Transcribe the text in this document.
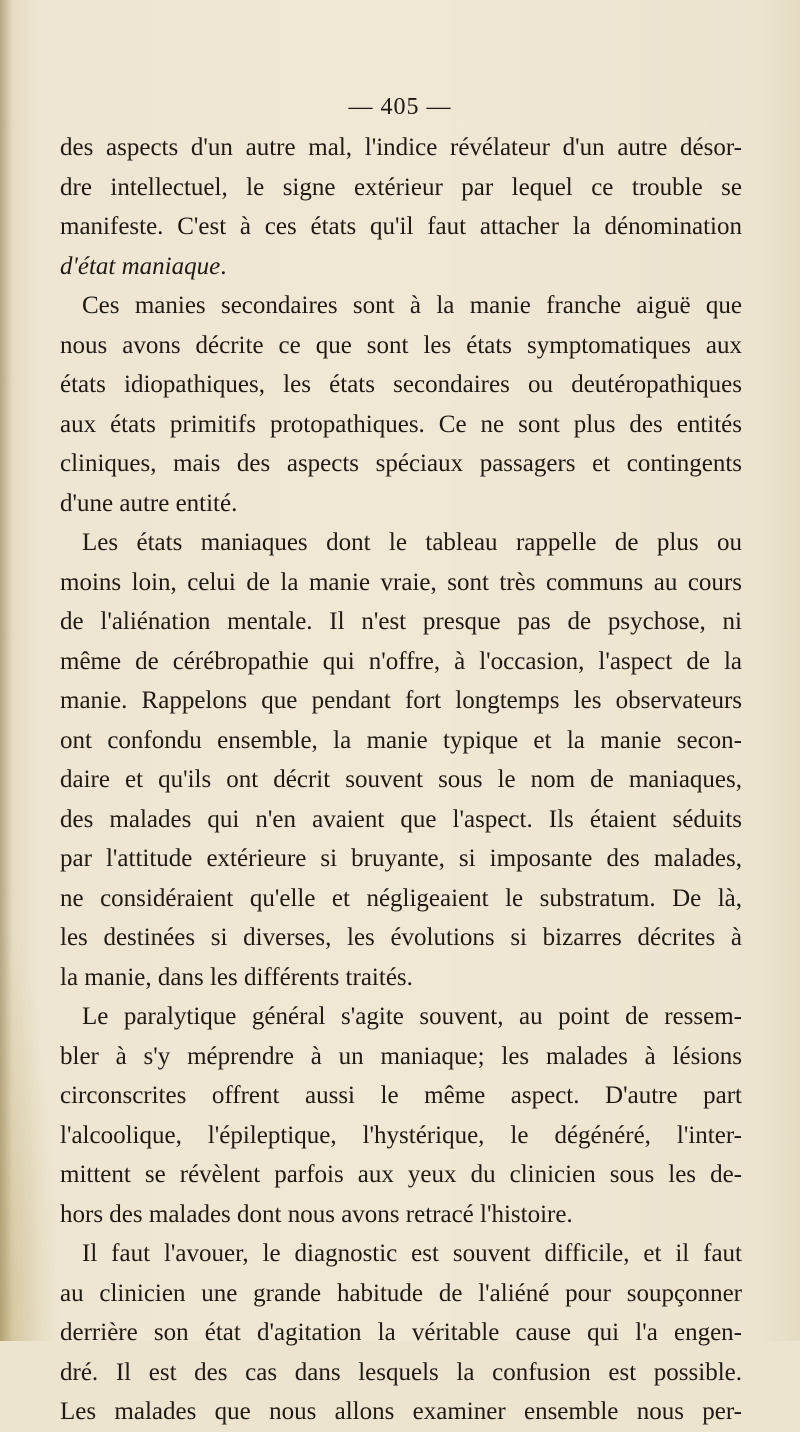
— 405 —
des aspects d'un autre mal, l'indice révélateur d'un autre désor-
dre intellectuel, le signe extérieur par lequel ce trouble se
manifeste. C'est à ces états qu'il faut attacher la dénomination
d'état maniaque.
Ces manies secondaires sont à la manie franche aiguë que
nous avons décrite ce que sont les états symptomatiques aux
états idiopathiques, les états secondaires ou deutéropathiques
aux états primitifs protopathiques. Ce ne sont plus des entités
cliniques, mais des aspects spéciaux passagers et contingents
d'une autre entité.
Les états maniaques dont le tableau rappelle de plus ou
moins loin, celui de la manie vraie, sont très communs au cours
de l'aliénation mentale. Il n'est presque pas de psychose, ni
même de cérébropathie qui n'offre, à l'occasion, l'aspect de la
manie. Rappelons que pendant fort longtemps les observateurs
ont confondu ensemble, la manie typique et la manie secon-
daire et qu'ils ont décrit souvent sous le nom de maniaques,
des malades qui n'en avaient que l'aspect. Ils étaient séduits
par l'attitude extérieure si bruyante, si imposante des malades,
ne considéraient qu'elle et négligeaient le substratum. De là,
les destinées si diverses, les évolutions si bizarres décrites à
la manie, dans les différents traités.
Le paralytique général s'agite souvent, au point de ressem-
bler à s'y méprendre à un maniaque; les malades à lésions
circonscrites offrent aussi le même aspect. D'autre part
l'alcoolique, l'épileptique, l'hystérique, le dégénéré, l'inter-
mittent se révèlent parfois aux yeux du clinicien sous les de-
hors des malades dont nous avons retracé l'histoire.
Il faut l'avouer, le diagnostic est souvent difficile, et il faut
au clinicien une grande habitude de l'aliéné pour soupçonner
derrière son état d'agitation la véritable cause qui l'a engen-
dré. Il est des cas dans lesquels la confusion est possible.
Les malades que nous allons examiner ensemble nous per-
